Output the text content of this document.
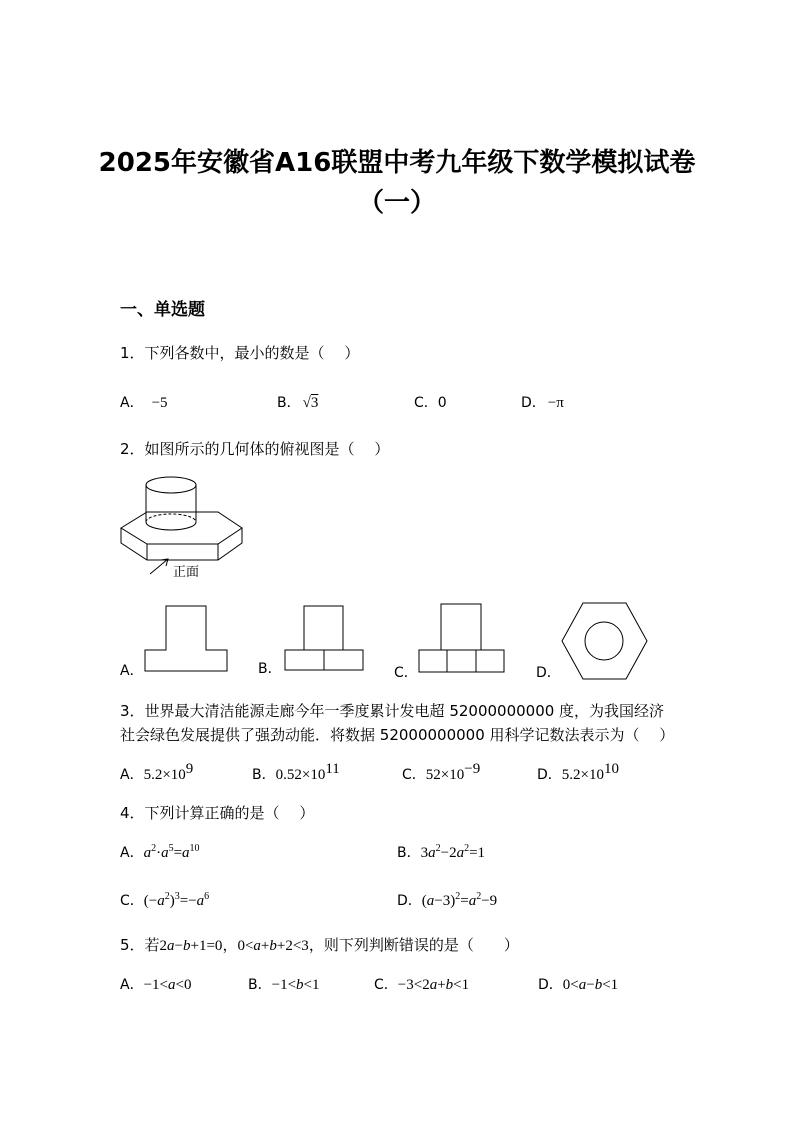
2025年安徽省A16联盟中考九年级下数学模拟试卷
（一）
一、单选题
1．下列各数中，最小的数是（　 ）
A． −5	B． √3	C．0	D． −π
2．如图所示的几何体的俯视图是（　 ）
正面
A．	B．	C．	D．
3．世界最大清洁能源走廊今年一季度累计发电超 52000000000 度，为我国经济
社会绿色发展提供了强劲动能．将数据 52000000000 用科学记数法表示为（　 ）
A．$5.2\times 10^9$	B．$0.52\times 10^{11}$	C．$52\times 10^{-9}$	D．$5.2\times 10^{10}$
4．下列计算正确的是（　 ）
A．$a^2\cdot a^5=a^{10}$	B．$3a^2-2a^2=1$
C．$(-a^2)^3=-a^6$	D．$(a-3)^2=a^2-9$
5．若2a−b+1=0，0<a+b+2<3，则下列判断错误的是（　　）
A．−1<a<0	B．−1<b<1	C．−3<2a+b<1	D．0<a−b<1
